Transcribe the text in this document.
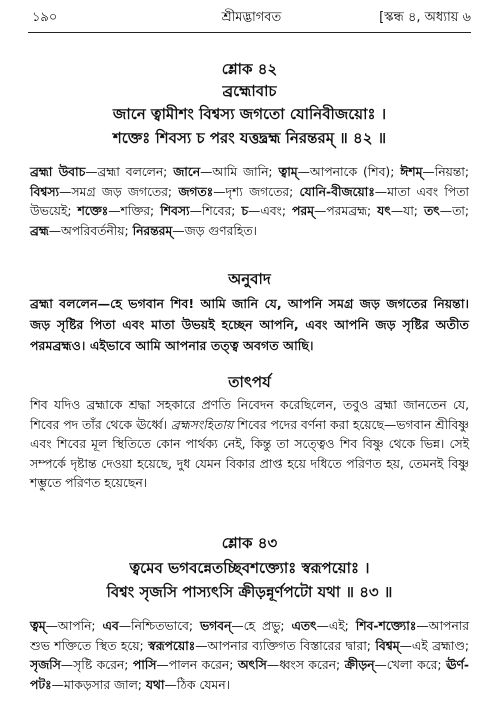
১৯০	শ্রীমদ্ভাগবত	[স্কন্ধ ৪, অধ্যায় ৬
শ্লোক ৪২
ব্রহ্মোবাচ
জানে ত্বামীশং বিশ্বস্য জগতো যোনিবীজয়োঃ ।
শক্তেঃ শিবস্য চ পরং যত্তদ্ব্রহ্ম নিরন্তরম্ ॥ ৪২ ॥
ব্রহ্মা উবাচ—ব্রহ্মা বললেন; জানে—আমি জানি; ত্বাম্—আপনাকে (শিব); ঈশম্—নিয়ন্তা; বিশ্বস্য—সমগ্র জড় জগতের; জগতঃ—দৃশ্য জগতের; যোনি-বীজয়োঃ—মাতা এবং পিতা উভয়েই; শক্তেঃ—শক্তির; শিবস্য—শিবের; চ—এবং; পরম্—পরমব্রহ্ম; যৎ—যা; তৎ—তা; ব্রহ্ম—অপরিবর্তনীয়; নিরন্তরম্—জড় গুণরহিত।
অনুবাদ
ব্রহ্মা বললেন—হে ভগবান শিব! আমি জানি যে, আপনি সমগ্র জড় জগতের নিয়ন্তা। জড় সৃষ্টির পিতা এবং মাতা উভয়ই হচ্ছেন আপনি, এবং আপনি জড় সৃষ্টির অতীত পরমব্রহ্মও। এইভাবে আমি আপনার তত্ত্ব অবগত আছি।
তাৎপর্য
শিব যদিও ব্রহ্মাকে শ্রদ্ধা সহকারে প্রণতি নিবেদন করেছিলেন, তবুও ব্রহ্মা জানতেন যে, শিবের পদ তাঁর থেকে ঊর্ধ্বে। ব্রহ্মসংহিতায় শিবের পদের বর্ণনা করা হয়েছে—ভগবান শ্রীবিষ্ণু এবং শিবের মূল স্থিতিতে কোন পার্থক্য নেই, কিন্তু তা সত্ত্বেও শিব বিষ্ণু থেকে ভিন্ন। সেই সম্পর্কে দৃষ্টান্ত দেওয়া হয়েছে, দুধ যেমন বিকার প্রাপ্ত হয়ে দধিতে পরিণত হয়, তেমনই বিষ্ণু শম্ভুতে পরিণত হয়েছেন।
শ্লোক ৪৩
ত্বমেব ভগবন্নেতচ্ছিবশক্ত্যোঃ স্বরূপয়োঃ ।
বিশ্বং সৃজসি পাস্যৎসি ক্রীড়ন্নূর্ণপটো যথা ॥ ৪৩ ॥
ত্বম্—আপনি; এব—নিশ্চিতভাবে; ভগবন্—হে প্রভু; এতৎ—এই; শিব-শক্ত্যোঃ—আপনার শুভ শক্তিতে স্থিত হয়ে; স্বরূপয়োঃ—আপনার ব্যক্তিগত বিস্তারের দ্বারা; বিশ্বম্—এই ব্রহ্মাণ্ড; সৃজসি—সৃষ্টি করেন; পাসি—পালন করেন; অৎসি—ধ্বংস করেন; ক্রীড়ন্—খেলা করে; ঊর্ণ-পটঃ—মাকড়সার জাল; যথা—ঠিক যেমন।
